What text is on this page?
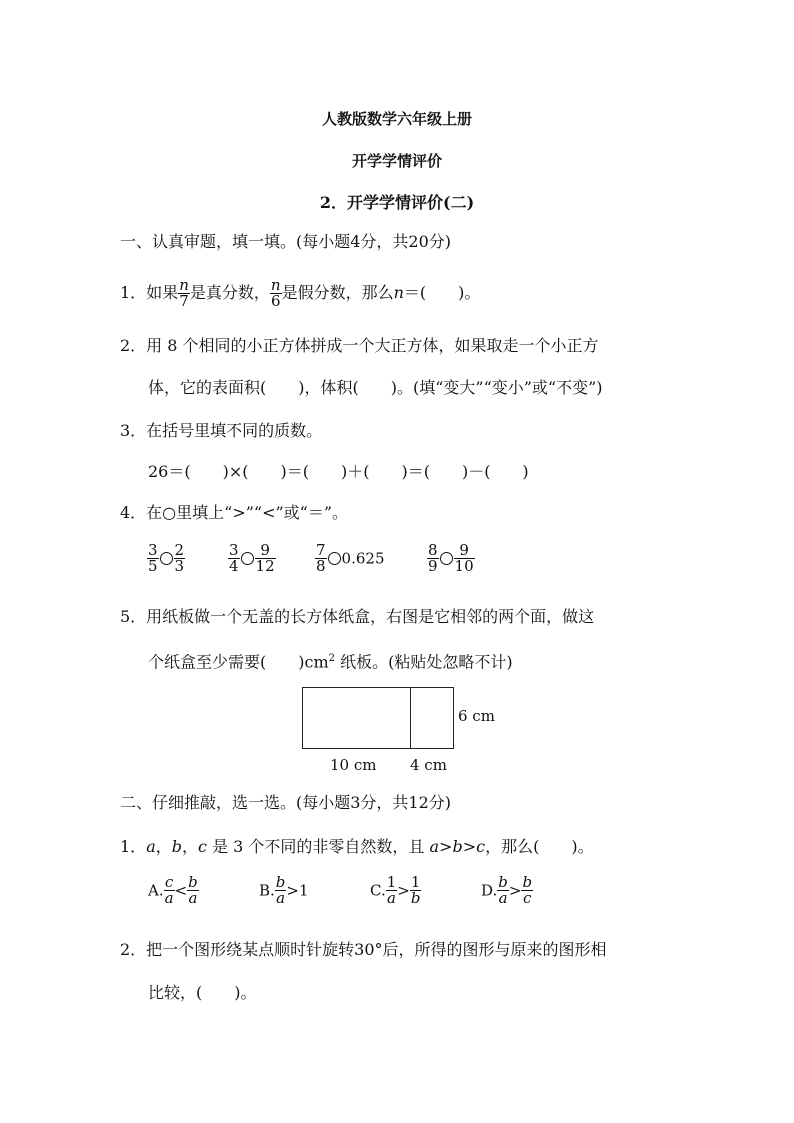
人教版数学六年级上册
开学学情评价
2．开学学情评价(二)
一、认真审题，填一填。(每小题4分，共20分)
1．如果 $\frac{n}{7}$ 是真分数， $\frac{n}{6}$ 是假分数，那么n＝(　　)。
2．用 8 个相同的小正方体拼成一个大正方体，如果取走一个小正方
体，它的表面积(　　)，体积(　　)。(填“变大”“变小”或“不变”)
3．在括号里填不同的质数。
26＝(　　)×(　　)＝(　　)＋(　　)＝(　　)－(　　)
4．在○里填上“>”“<”或“＝”。
$\frac{3}{5} \frac{2}{3}$	$\frac{3}{4} \frac{9}{12}$	$\frac{7}{8} 0.625$	$\frac{8}{9} \frac{9}{10}$
5．用纸板做一个无盖的长方体纸盒，右图是它相邻的两个面，做这
个纸盒至少需要(　　)$cm^2$ 纸板。(粘贴处忽略不计)
6 cm
10 cm 4 cm
二、仔细推敲，选一选。(每小题3分，共12分)
1．a，b，c 是 3 个不同的非零自然数，且 a>b>c，那么(　　)。
A. $\frac{c}{a} < \frac{b}{a}$	B. $\frac{b}{a} >1$	C. $\frac{1}{a} > \frac{1}{b}$	D. $\frac{b}{a} > \frac{b}{c}$
2．把一个图形绕某点顺时针旋转30°后，所得的图形与原来的图形相
比较，(　　)。
